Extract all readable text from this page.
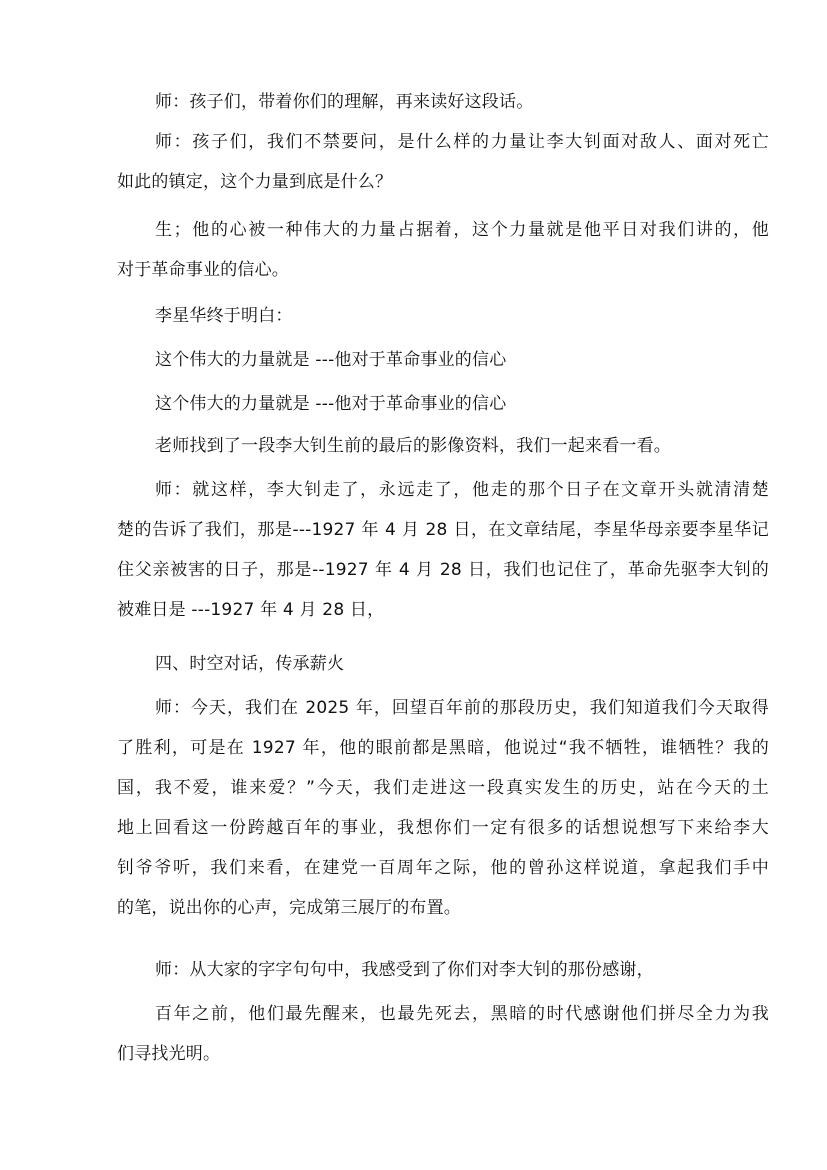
师：孩子们，带着你们的理解，再来读好这段话。
师：孩子们，我们不禁要问，是什么样的力量让李大钊面对敌人、面对死亡
如此的镇定，这个力量到底是什么？
生；他的心被一种伟大的力量占据着，这个力量就是他平日对我们讲的，他
对于革命事业的信心。
李星华终于明白：
这个伟大的力量就是 ---他对于革命事业的信心
这个伟大的力量就是 ---他对于革命事业的信心
老师找到了一段李大钊生前的最后的影像资料，我们一起来看一看。
师：就这样，李大钊走了，永远走了，他走的那个日子在文章开头就清清楚
楚的告诉了我们，那是---1927 年 4 月 28 日，在文章结尾，李星华母亲要李星华记
住父亲被害的日子，那是--1927 年 4 月 28 日，我们也记住了，革命先驱李大钊的
被难日是 ---1927 年 4 月 28 日，
四、时空对话，传承薪火
师：今天，我们在 2025 年，回望百年前的那段历史，我们知道我们今天取得
了胜利，可是在 1927 年，他的眼前都是黑暗，他说过“我不牺牲，谁牺牲？我的
国，我不爱，谁来爱？”今天，我们走进这一段真实发生的历史，站在今天的土
地上回看这一份跨越百年的事业，我想你们一定有很多的话想说想写下来给李大
钊爷爷听，我们来看，在建党一百周年之际，他的曾孙这样说道，拿起我们手中
的笔，说出你的心声，完成第三展厅的布置。
师：从大家的字字句句中，我感受到了你们对李大钊的那份感谢，
百年之前，他们最先醒来，也最先死去，黑暗的时代感谢他们拼尽全力为我
们寻找光明。
